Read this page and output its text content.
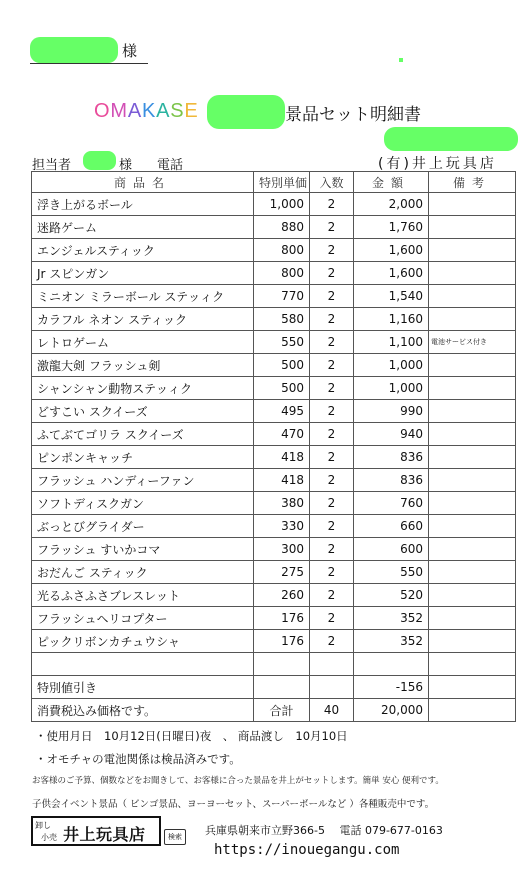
様
OMAKASE	景品セット明細書
担当者	様 電話	(有)井上玩具店
商品名	特別単価	入数	金額	備考
浮き上がるボール	1,000	2	2,000	
迷路ゲーム	880	2	1,760	
エンジェルスティック	800	2	1,600	
Jr スピンガン	800	2	1,600	
ミニオン ミラーボール ステッィク	770	2	1,540	
カラフル ネオン スティック	580	2	1,160	
レトロゲーム	550	2	1,100	電池サービス付き
激龍大剣 フラッシュ剣	500	2	1,000	
シャンシャン動物ステッィク	500	2	1,000	
どすこい スクイーズ	495	2	990	
ふてぶてゴリラ スクイーズ	470	2	940	
ピンポンキャッチ	418	2	836	
フラッシュ ハンディーファン	418	2	836	
ソフトディスクガン	380	2	760	
ぶっとびグライダー	330	2	660	
フラッシュ すいかコマ	300	2	600	
おだんご スティック	275	2	550	
光るふさふさブレスレット	260	2	520	
フラッシュヘリコプター	176	2	352	
ピックリボンカチュウシャ	176	2	352	

特別値引き			-156	
消費税込み価格です。	合計	40	20,000	
・使用月日　10月12日(日曜日)夜　、 商品渡し　10月10日
・オモチャの電池関係は検品済みです。
お客様のご予算、個数などをお聞きして、お客様に合った景品を井上がセットします。簡単 安心 便利です。
子供会イベント景品（ ビンゴ景品、ヨーヨーセット、スーパーボールなど ）各種販売中です。
卸し
小売 井上玩具店	検索	兵庫県朝来市立野366-5　 電話 079-677-0163
https://inouegangu.com
